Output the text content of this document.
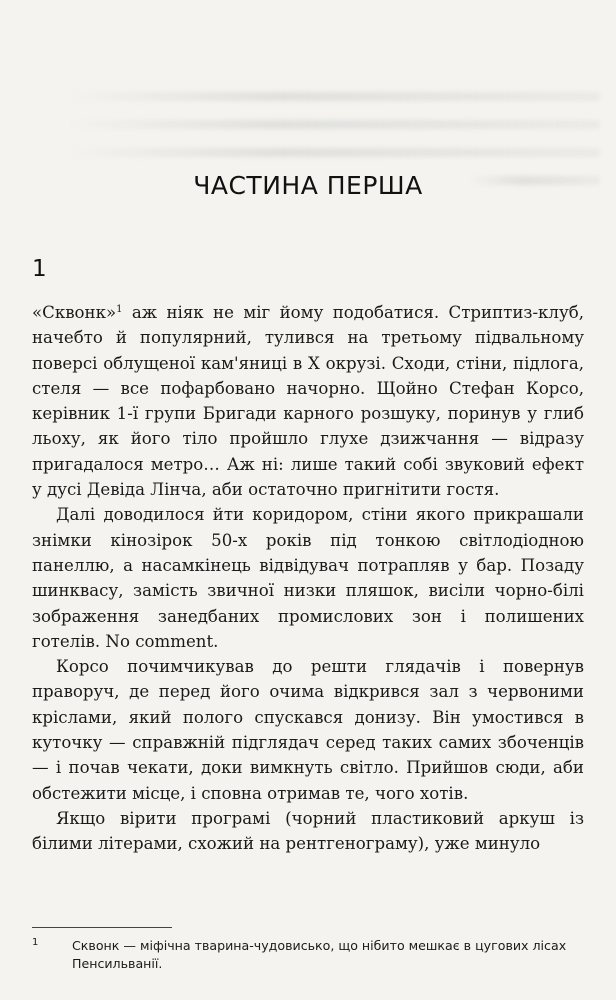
ЧАСТИНА ПЕРША
1

«Сквонк»$^1$ аж ніяк не міг йому подобатися. Стриптиз-клуб, начебто й популярний, тулився на третьому підвальному поверсі облущеної кам'яниці в Х окрузі. Сходи, стіни, підлога, стеля — все пофарбовано начорно. Щойно Стефан Корсо, керівник 1-ї групи Бригади карного розшуку, поринув у глиб льоху, як його тіло пройшло глухе дзижчання — відразу пригадалося метро… Аж ні: лише такий собі звуковий ефект у дусі Девіда Лінча, аби остаточно пригнітити гостя.

Далі доводилося йти коридором, стіни якого прикрашали знімки кінозірок 50-х років під тонкою світлодіодною панеллю, а насамкінець відвідувач потрапляв у бар. Позаду шинквасу, замість звичної низки пляшок, висіли чорно-білі зображення занедбаних промислових зон і полишених готелів. No comment.

Корсо почимчикував до решти глядачів і повернув праворуч, де перед його очима відкрився зал з червоними кріслами, який полого спускався донизу. Він умостився в куточку — справжній підглядач серед таких самих збоченців — і почав чекати, доки вимкнуть світло. Прийшов сюди, аби обстежити місце, і сповна отримав те, чого хотів.

Якщо вірити програмі (чорний пластиковий аркуш із білими літерами, схожий на рентгенограму), уже минуло

1	Сквонк — міфічна тварина-чудовисько, що нібито мешкає в цугових лісах Пенсильванії.
